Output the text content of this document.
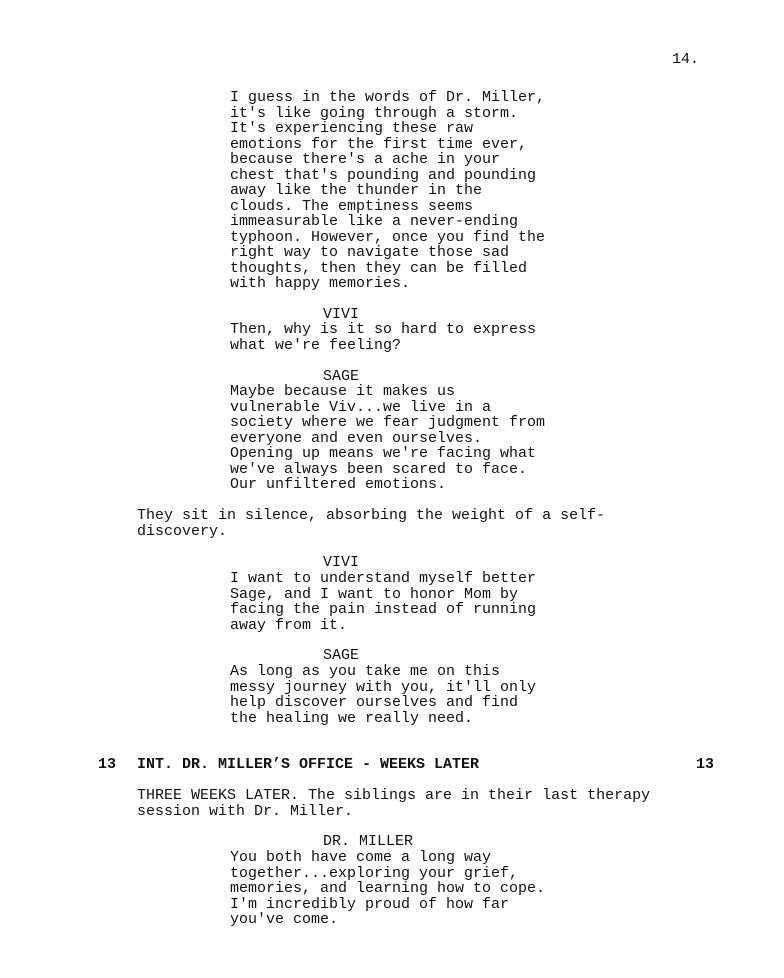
14.
I guess in the words of Dr. Miller,
it's like going through a storm.
It's experiencing these raw
emotions for the first time ever,
because there's a ache in your
chest that's pounding and pounding
away like the thunder in the
clouds. The emptiness seems
immeasurable like a never-ending
typhoon. However, once you find the
right way to navigate those sad
thoughts, then they can be filled
with happy memories.
VIVI
Then, why is it so hard to express
what we're feeling?
SAGE
Maybe because it makes us
vulnerable Viv...we live in a
society where we fear judgment from
everyone and even ourselves.
Opening up means we're facing what
we've always been scared to face.
Our unfiltered emotions.
They sit in silence, absorbing the weight of a self-
discovery.
VIVI
I want to understand myself better
Sage, and I want to honor Mom by
facing the pain instead of running
away from it.
SAGE
As long as you take me on this
messy journey with you, it'll only
help discover ourselves and find
the healing we really need.
13 INT. DR. MILLER’S OFFICE - WEEKS LATER	13
THREE WEEKS LATER. The siblings are in their last therapy
session with Dr. Miller.
DR. MILLER
You both have come a long way
together...exploring your grief,
memories, and learning how to cope.
I'm incredibly proud of how far
you've come.
